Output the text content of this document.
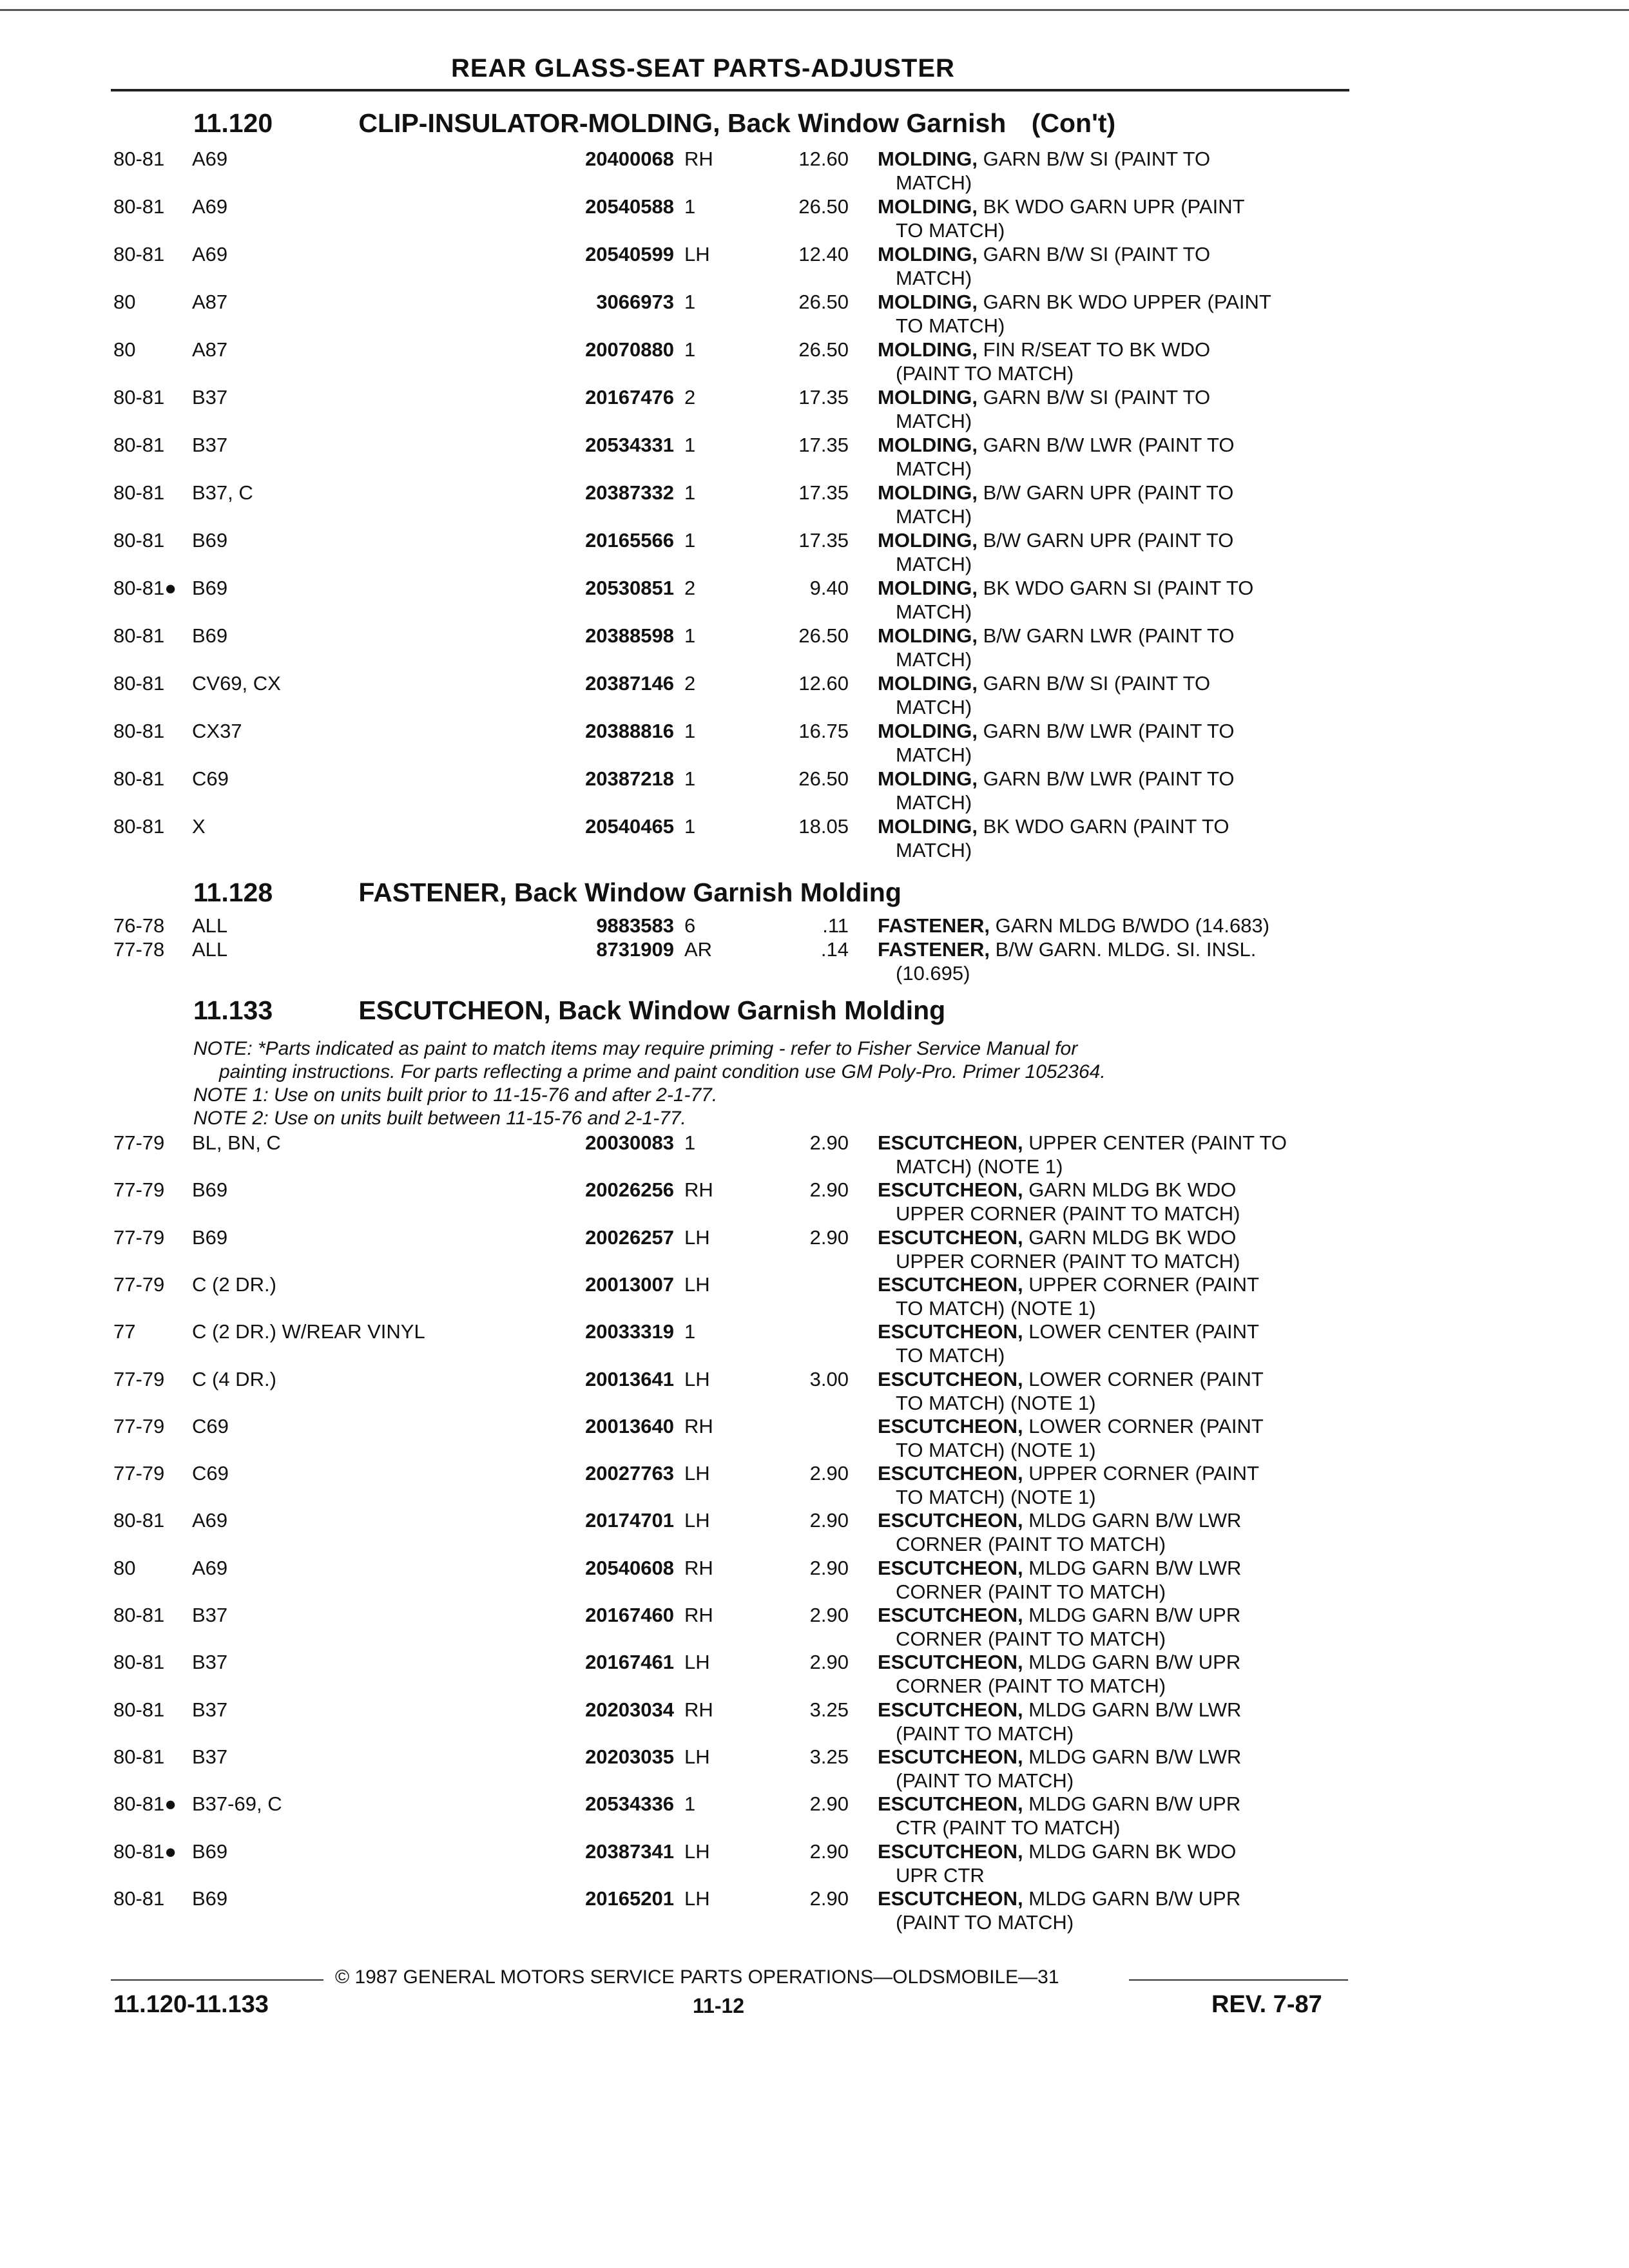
REAR GLASS-SEAT PARTS-ADJUSTER
11.120	CLIP-INSULATOR-MOLDING, Back Window Garnish (Con't)
11.128	FASTENER, Back Window Garnish Molding
11.133	ESCUTCHEON, Back Window Garnish Molding
NOTE: *Parts indicated as paint to match items may require priming - refer to Fisher Service Manual for
painting instructions. For parts reflecting a prime and paint condition use GM Poly-Pro. Primer 1052364.
NOTE 1: Use on units built prior to 11-15-76 and after 2-1-77.
NOTE 2: Use on units built between 11-15-76 and 2-1-77.
80-81 A69	20400068 RH	12.60 MOLDING, GARN B/W SI (PAINT TO
MATCH)
80-81 A69	20540588 1	26.50 MOLDING, BK WDO GARN UPR (PAINT
TO MATCH)
80-81 A69	20540599 LH	12.40 MOLDING, GARN B/W SI (PAINT TO
MATCH)
80	A87	3066973 1	26.50 MOLDING, GARN BK WDO UPPER (PAINT
TO MATCH)
80	A87	20070880 1	26.50 MOLDING, FIN R/SEAT TO BK WDO
(PAINT TO MATCH)
80-81 B37	20167476 2	17.35 MOLDING, GARN B/W SI (PAINT TO
MATCH)
80-81 B37	20534331 1	17.35 MOLDING, GARN B/W LWR (PAINT TO
MATCH)
80-81 B37, C	20387332 1	17.35 MOLDING, B/W GARN UPR (PAINT TO
MATCH)
80-81 B69	20165566 1	17.35 MOLDING, B/W GARN UPR (PAINT TO
MATCH)
80-81● B69	20530851 2	9.40 MOLDING, BK WDO GARN SI (PAINT TO
MATCH)
80-81 B69	20388598 1	26.50 MOLDING, B/W GARN LWR (PAINT TO
MATCH)
80-81 CV69, CX	20387146 2	12.60 MOLDING, GARN B/W SI (PAINT TO
MATCH)
80-81 CX37	20388816 1	16.75 MOLDING, GARN B/W LWR (PAINT TO
MATCH)
80-81 C69	20387218 1	26.50 MOLDING, GARN B/W LWR (PAINT TO
MATCH)
80-81 X	20540465 1	18.05 MOLDING, BK WDO GARN (PAINT TO
MATCH)
76-78 ALL	9883583 6	.11 FASTENER, GARN MLDG B/WDO (14.683)
77-78 ALL	8731909 AR	.14 FASTENER, B/W GARN. MLDG. SI. INSL.
(10.695)
77-79 BL, BN, C	20030083 1	2.90 ESCUTCHEON, UPPER CENTER (PAINT TO
MATCH) (NOTE 1)
77-79 B69	20026256 RH	2.90 ESCUTCHEON, GARN MLDG BK WDO
UPPER CORNER (PAINT TO MATCH)
77-79 B69	20026257 LH	2.90 ESCUTCHEON, GARN MLDG BK WDO
UPPER CORNER (PAINT TO MATCH)
77-79 C (2 DR.)	20013007 LH	ESCUTCHEON, UPPER CORNER (PAINT
TO MATCH) (NOTE 1)
77	C (2 DR.) W/REAR VINYL	20033319 1	ESCUTCHEON, LOWER CENTER (PAINT
TO MATCH)
77-79 C (4 DR.)	20013641 LH	3.00 ESCUTCHEON, LOWER CORNER (PAINT
TO MATCH) (NOTE 1)
77-79 C69	20013640 RH	ESCUTCHEON, LOWER CORNER (PAINT
TO MATCH) (NOTE 1)
77-79 C69	20027763 LH	2.90 ESCUTCHEON, UPPER CORNER (PAINT
TO MATCH) (NOTE 1)
80-81 A69	20174701 LH	2.90 ESCUTCHEON, MLDG GARN B/W LWR
CORNER (PAINT TO MATCH)
80	A69	20540608 RH	2.90 ESCUTCHEON, MLDG GARN B/W LWR
CORNER (PAINT TO MATCH)
80-81 B37	20167460 RH	2.90 ESCUTCHEON, MLDG GARN B/W UPR
CORNER (PAINT TO MATCH)
80-81 B37	20167461 LH	2.90 ESCUTCHEON, MLDG GARN B/W UPR
CORNER (PAINT TO MATCH)
80-81 B37	20203034 RH	3.25 ESCUTCHEON, MLDG GARN B/W LWR
(PAINT TO MATCH)
80-81 B37	20203035 LH	3.25 ESCUTCHEON, MLDG GARN B/W LWR
(PAINT TO MATCH)
80-81● B37-69, C	20534336 1	2.90 ESCUTCHEON, MLDG GARN B/W UPR
CTR (PAINT TO MATCH)
80-81● B69	20387341 LH	2.90 ESCUTCHEON, MLDG GARN BK WDO
UPR CTR
80-81 B69	20165201 LH	2.90 ESCUTCHEON, MLDG GARN B/W UPR
(PAINT TO MATCH)
© 1987 GENERAL MOTORS SERVICE PARTS OPERATIONS—OLDSMOBILE—31
11.120-11.133	11-12	REV. 7-87
